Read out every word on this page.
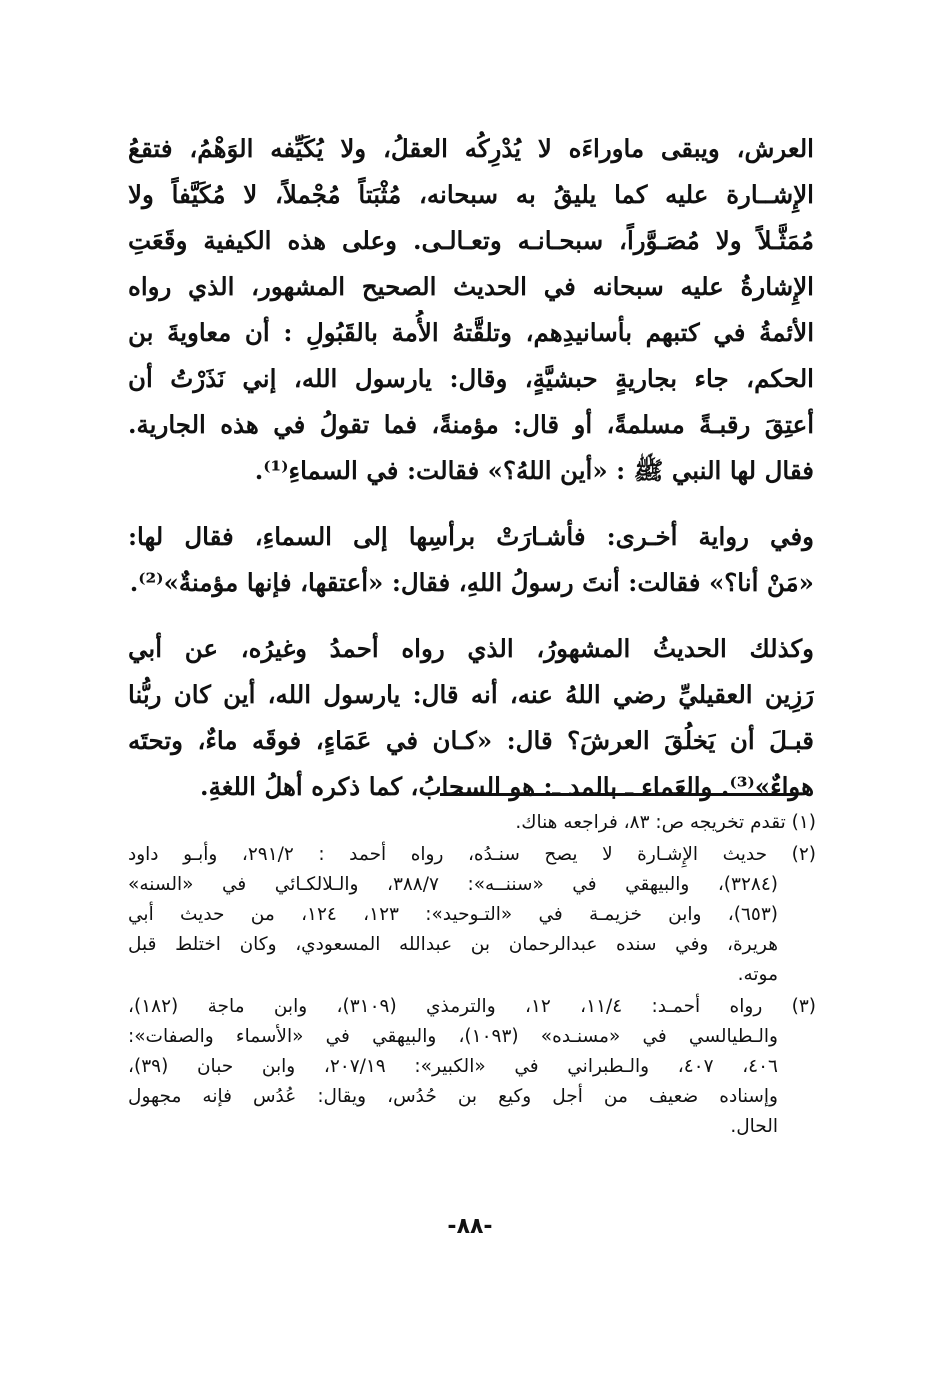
العرش، ويبقى ماوراءَه لا يُدْرِكُه العقلُ، ولا يُكَيِّفه الوَهْمُ، فتقعُ
الإِشــارة عليه كما يليقُ به سبحانه، مُثْبَتاً مُجْملاً، لا مُكَيَّفاً ولا
مُمَثَّـلاً ولا مُصَـوَّراً، سبحـانـه وتعـالـى. وعلى هذه الكيفية وقَعَتِ
الإِشارةُ عليه سبحانه في الحديث الصحيح المشهور، الذي رواه
الأئمةُ في كتبهم بأسانيدِهم، وتلقَّتهُ الأُمة بالقَبُولِ : أن معاويةَ بن
الحكم، جاء بجاريةٍ حبشيَّةٍ، وقال: يارسول الله، إني نَذَرْتُ أن
أعتِقَ رقبـةً مسلمةً، أو قال: مؤمنةً، فما تقولُ في هذه الجارية.
فقال لها النبي ﷺ : «أين اللهُ؟» فقالت: في السماءِ⁽¹⁾.

وفي رواية أخـرى: فأشـارَتْ برأسِها إلى السماءِ، فقال لها:
«مَنْ أنا؟» فقالت: أنتَ رسولُ اللهِ، فقال: «أعتقها، فإنها مؤمنةٌ»⁽²⁾.

وكذلك الحديثُ المشهورُ، الذي رواه أحمدُ وغيرُه، عن أبي
رَزِين العقيليِّ رضي اللهُ عنه، أنه قال: يارسول الله، أين كان ربُّنا
قبـلَ أن يَخلُقَ العرشَ؟ قال: «كـان في عَمَاءٍ، فوقَه ماءٌ، وتحتَه
هواءٌ»⁽³⁾. والعَماء ـ بالمد ـ: هو السحابُ، كما ذكره أهلُ اللغةِ.

(١) تقدم تخريجه ص: ٨٣، فراجعه هناك.
(٢) حديث الإِشـارة لا يصح سنـدُه، رواه أحمد : ٢٩١/٢، وأبـو داود
(٣٢٨٤)، والبيهقي في «سننــه»: ٣٨٨/٧، والـلالكـائي في «السنه»
(٦٥٣)، وابن خزيمـة في «التـوحيد»: ١٢٣، ١٢٤، من حديث أبي
هريرة، وفي سنده عبدالرحمان بن عبدالله المسعودي، وكان اختلط قبل
موته.
(٣) رواه أحمـد: ١١/٤، ١٢، والترمذي (٣١٠٩)، وابن ماجة (١٨٢)،
والـطيالسي في «مسنـده» (١٠٩٣)، والبيهقي في «الأسماء والصفات»:
٤٠٦، ٤٠٧، والـطبراني في «الكبير»: ٢٠٧/١٩، وابن حبان (٣٩)،
وإسناده ضعيف من أجل وكيع بن حُدُس، ويقال: عُدُس فإنه مجهول
الحال.
-٨٨-
